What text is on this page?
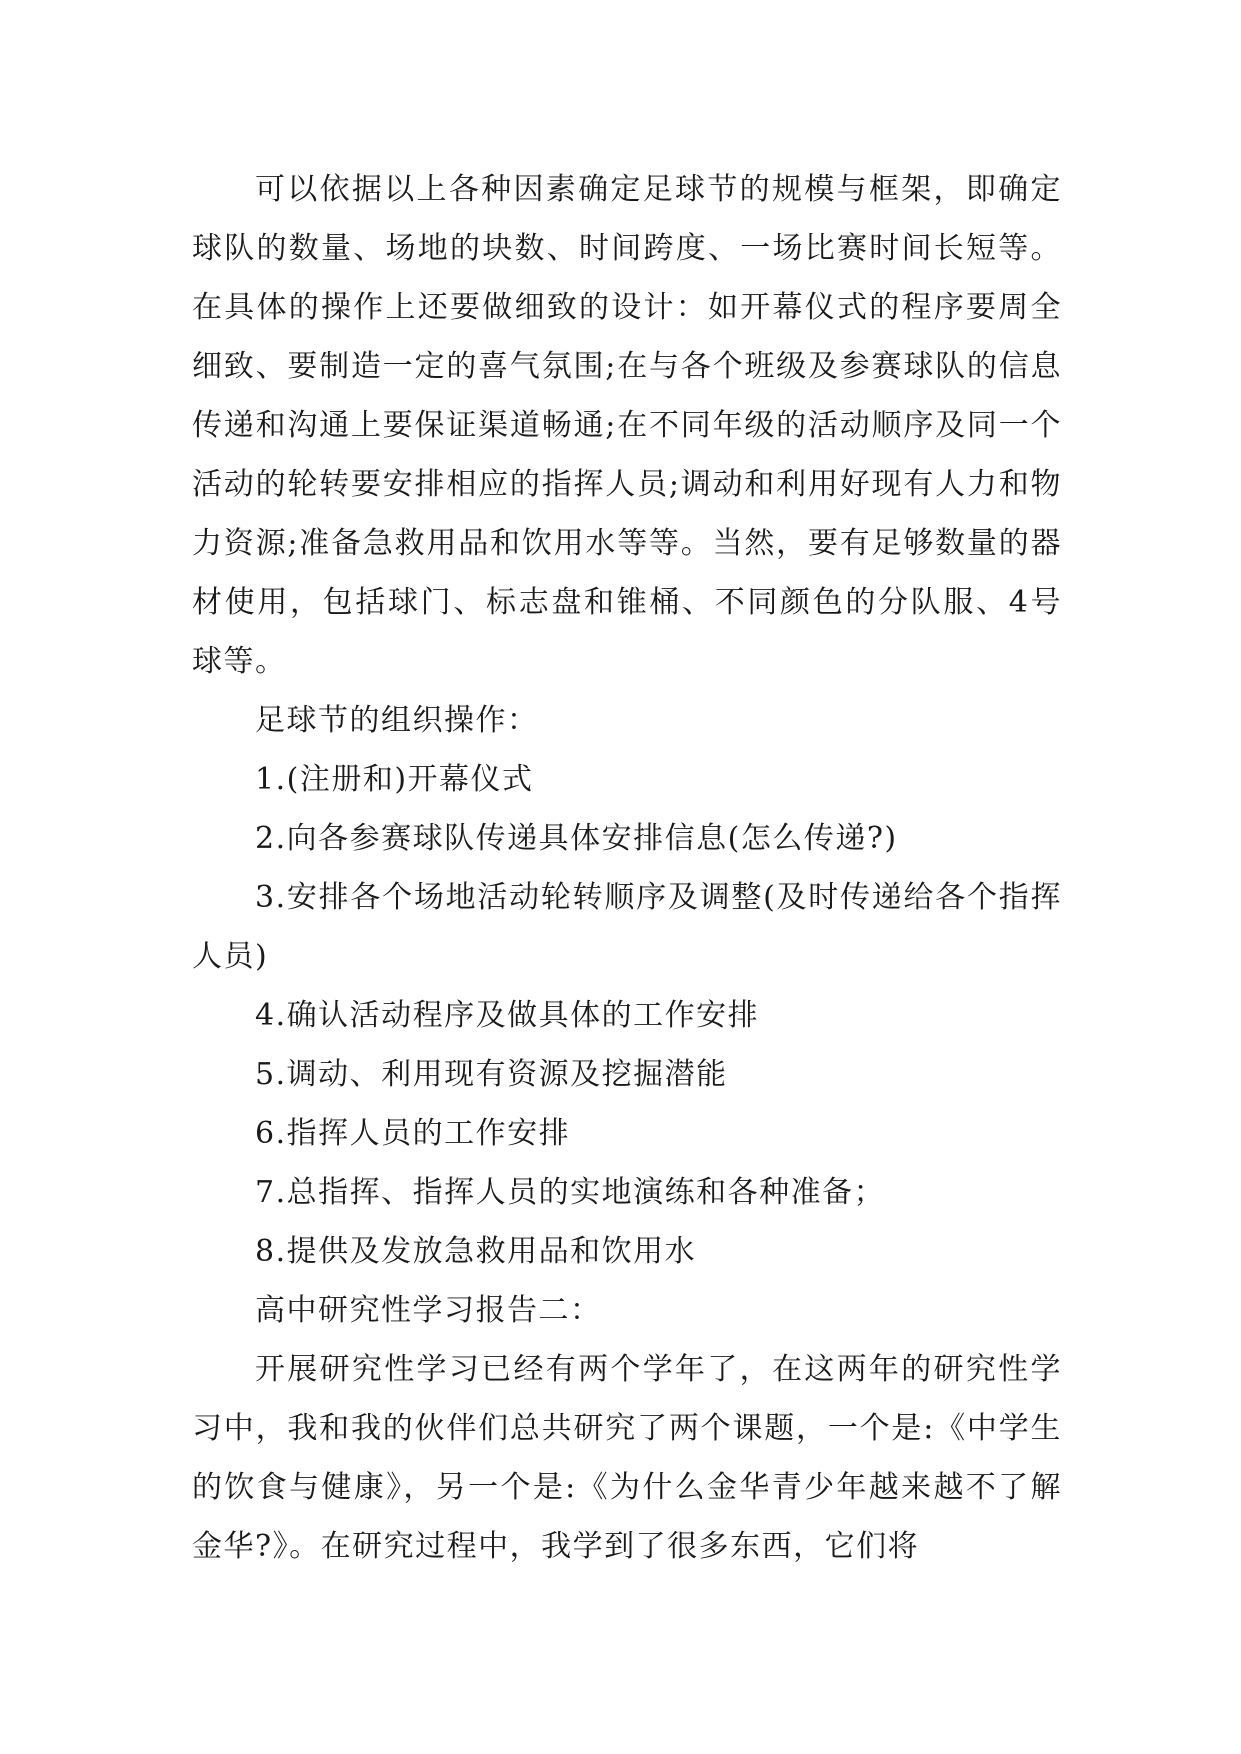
可以依据以上各种因素确定足球节的规模与框架，即确定球队的数量、场地的块数、时间跨度、一场比赛时间长短等。在具体的操作上还要做细致的设计：如开幕仪式的程序要周全细致、要制造一定的喜气氛围;在与各个班级及参赛球队的信息传递和沟通上要保证渠道畅通;在不同年级的活动顺序及同一个活动的轮转要安排相应的指挥人员;调动和利用好现有人力和物力资源;准备急救用品和饮用水等等。当然，要有足够数量的器材使用，包括球门、标志盘和锥桶、不同颜色的分队服、4号球等。

足球节的组织操作：

1.(注册和)开幕仪式

2.向各参赛球队传递具体安排信息(怎么传递?)

3.安排各个场地活动轮转顺序及调整(及时传递给各个指挥人员)

4.确认活动程序及做具体的工作安排

5.调动、利用现有资源及挖掘潜能

6.指挥人员的工作安排

7.总指挥、指挥人员的实地演练和各种准备；

8.提供及发放急救用品和饮用水

高中研究性学习报告二：

开展研究性学习已经有两个学年了，在这两年的研究性学习中，我和我的伙伴们总共研究了两个课题，一个是:《中学生的饮食与健康》，另一个是:《为什么金华青少年越来越不了解金华?》。在研究过程中，我学到了很多东西，它们将
